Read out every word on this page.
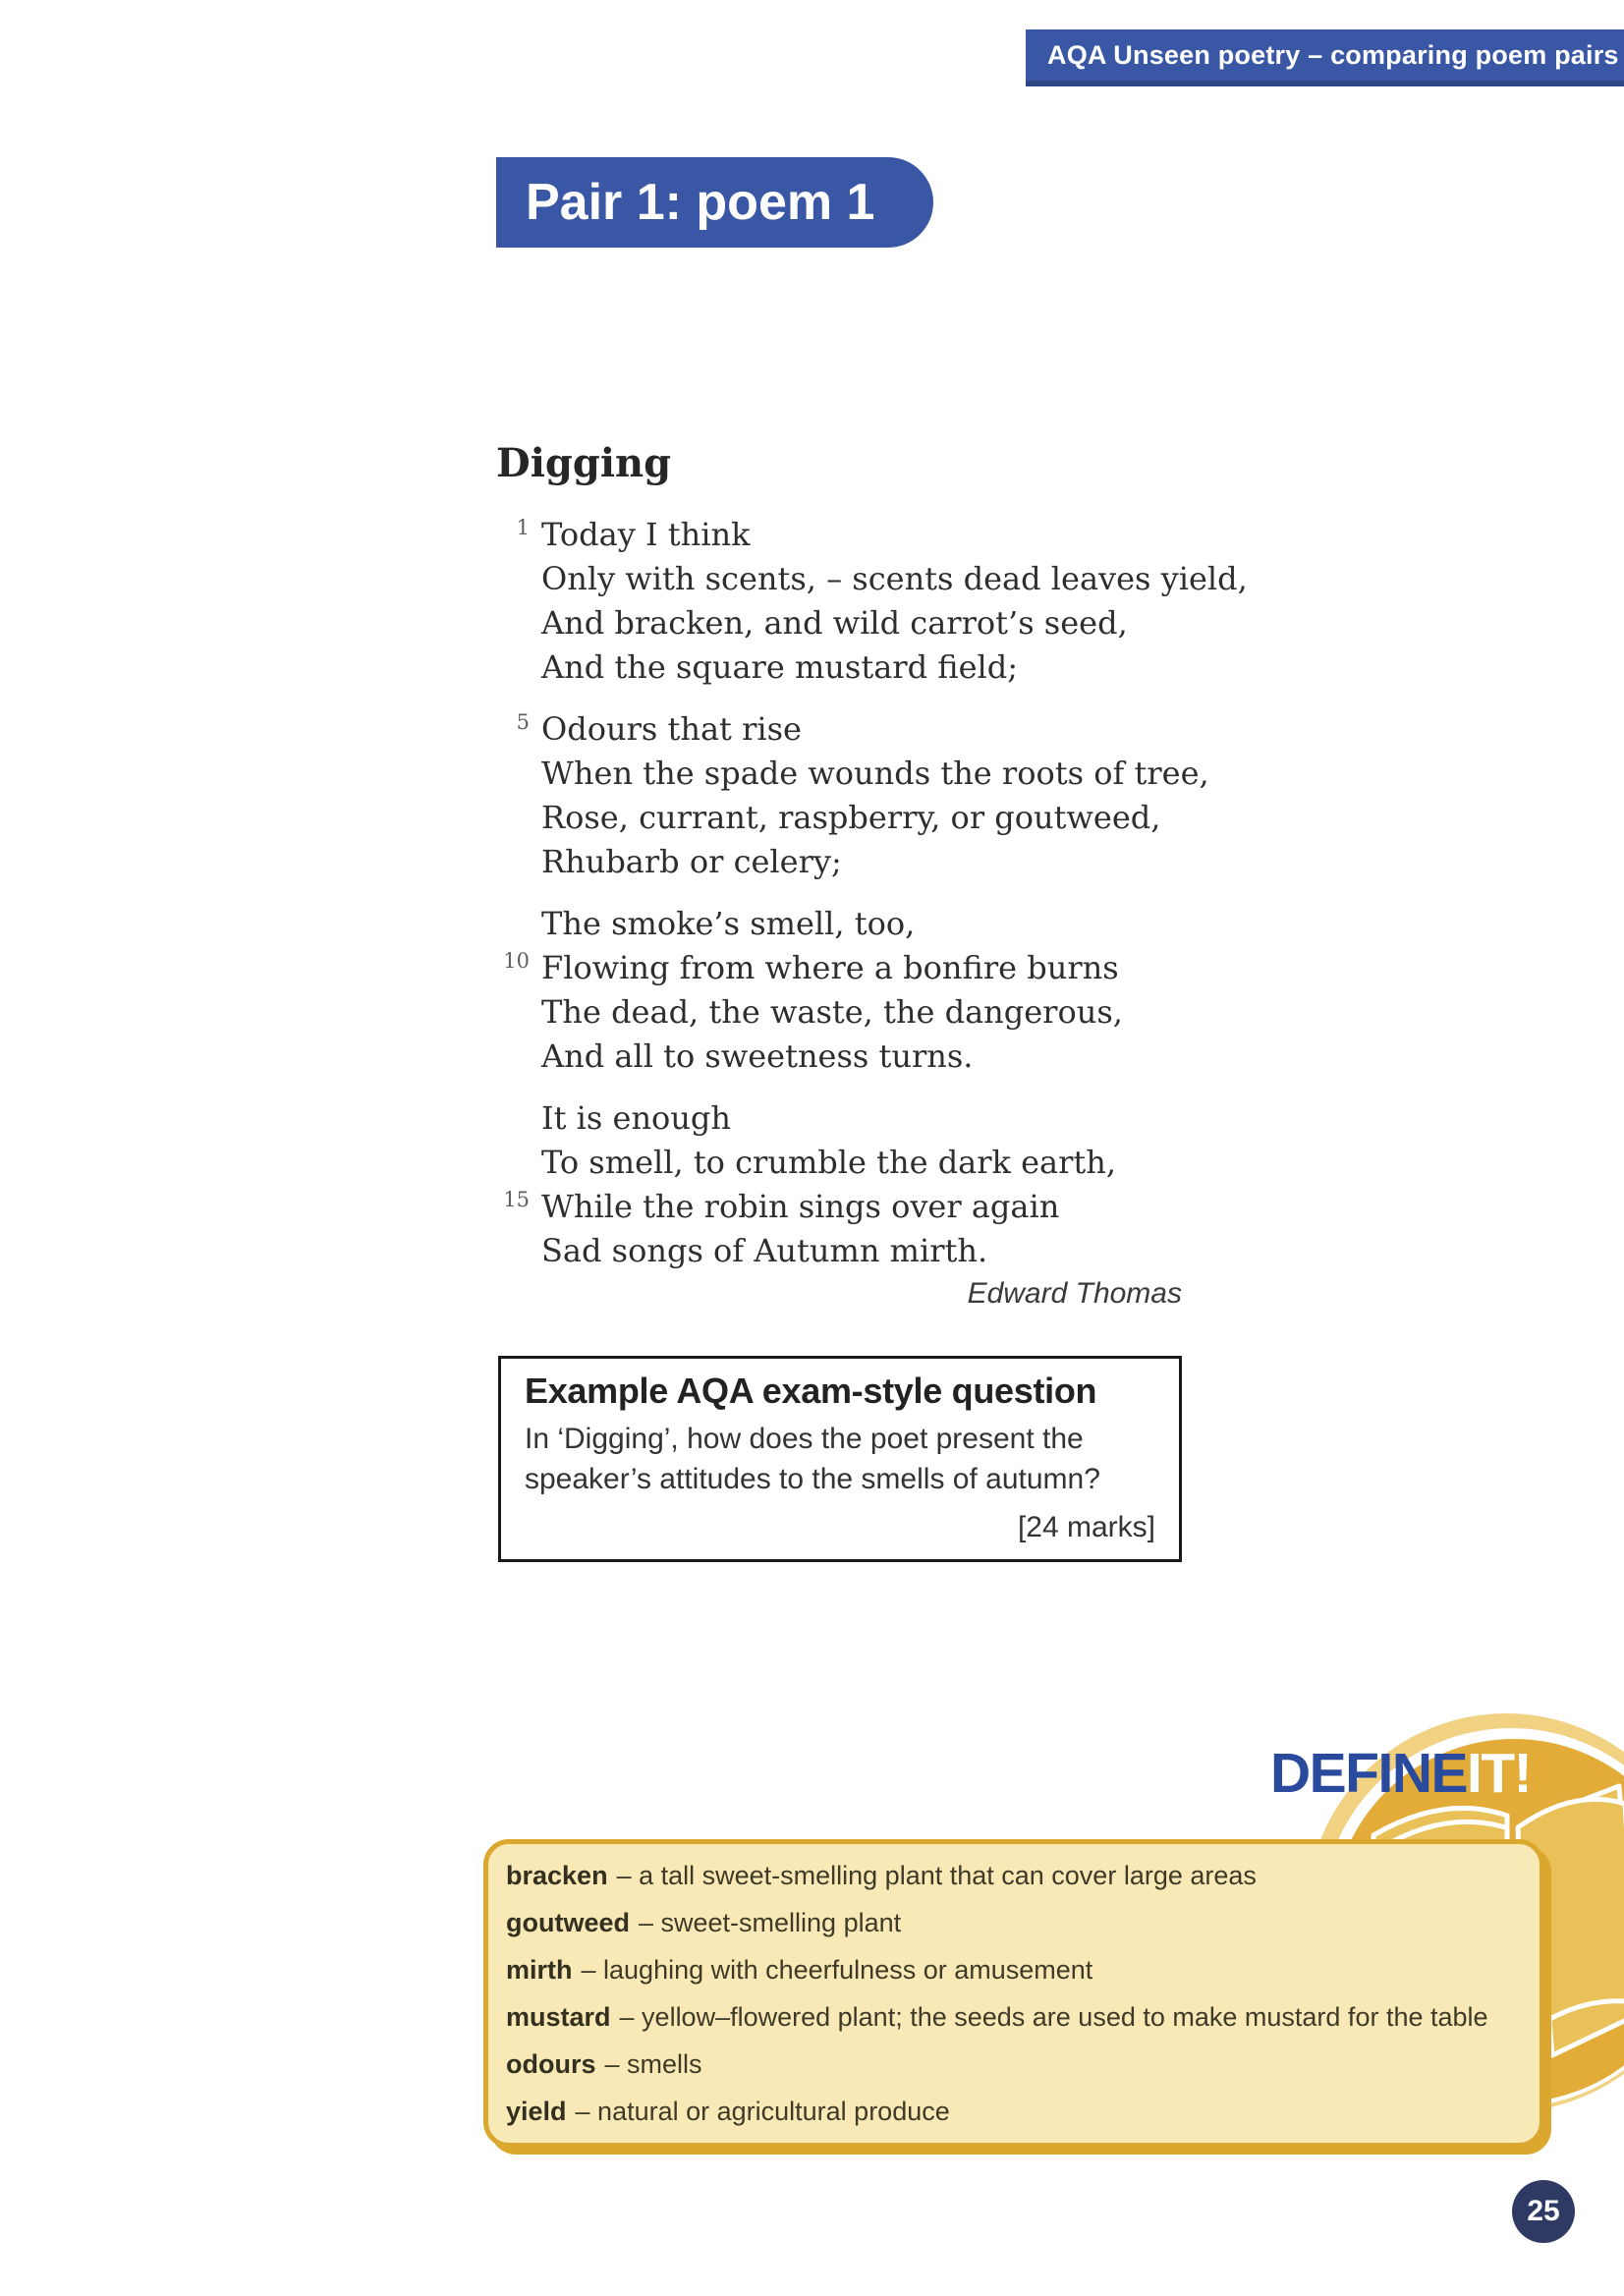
AQA Unseen poetry – comparing poem pairs
Pair 1: poem 1
Digging
1 Today I think
Only with scents, – scents dead leaves yield,
And bracken, and wild carrot’s seed,
And the square mustard field;
5 Odours that rise
When the spade wounds the roots of tree,
Rose, currant, raspberry, or goutweed,
Rhubarb or celery;
The smoke’s smell, too,
10 Flowing from where a bonfire burns
The dead, the waste, the dangerous,
And all to sweetness turns.
It is enough
To smell, to crumble the dark earth,
15 While the robin sings over again
Sad songs of Autumn mirth.
Edward Thomas
Example AQA exam-style question
In ‘Digging’, how does the poet present the
speaker’s attitudes to the smells of autumn?
[24 marks]
DEFINEIT!
bracken – a tall sweet-smelling plant that can cover large areas
goutweed – sweet-smelling plant
mirth – laughing with cheerfulness or amusement
mustard – yellow–flowered plant; the seeds are used to make mustard for the table
odours – smells
yield – natural or agricultural produce
25
